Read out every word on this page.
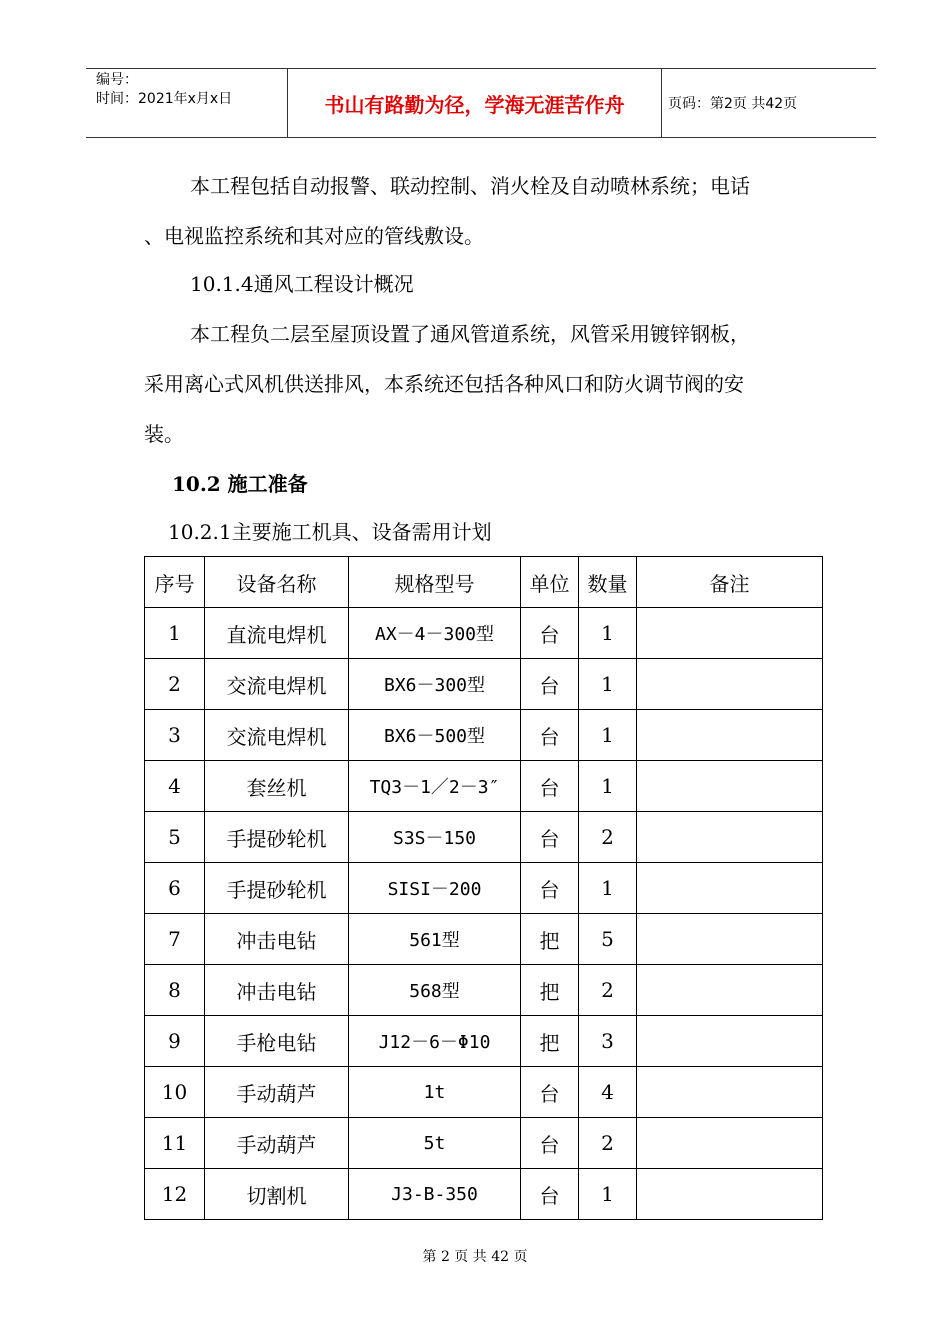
编号：
时间：2021年x月x日	书山有路勤为径，学海无涯苦作舟	页码：第2页 共42页
本工程包括自动报警、联动控制、消火栓及自动喷林系统；电话
、电视监控系统和其对应的管线敷设。
10.1.4通风工程设计概况
本工程负二层至屋顶设置了通风管道系统，风管采用镀锌钢板，
采用离心式风机供送排风，本系统还包括各种风口和防火调节阀的安
装。
10.2 施工准备
10.2.1主要施工机具、设备需用计划
序号	设备名称	规格型号	单位	数量	备注
1	直流电焊机	AX－4－300型	台	1	
2	交流电焊机	BX6－300型	台	1	
3	交流电焊机	BX6－500型	台	1	
4	套丝机	TQ3－1／2－3″	台	1	
5	手提砂轮机	S3S－150	台	2	
6	手提砂轮机	SISI－200	台	1	
7	冲击电钻	561型	把	5	
8	冲击电钻	568型	把	2	
9	手枪电钻	J12－6－Φ10	把	3	
10	手动葫芦	1t	台	4	
11	手动葫芦	5t	台	2	
12	切割机	J3-B-350	台	1	
第 2 页 共 42 页
